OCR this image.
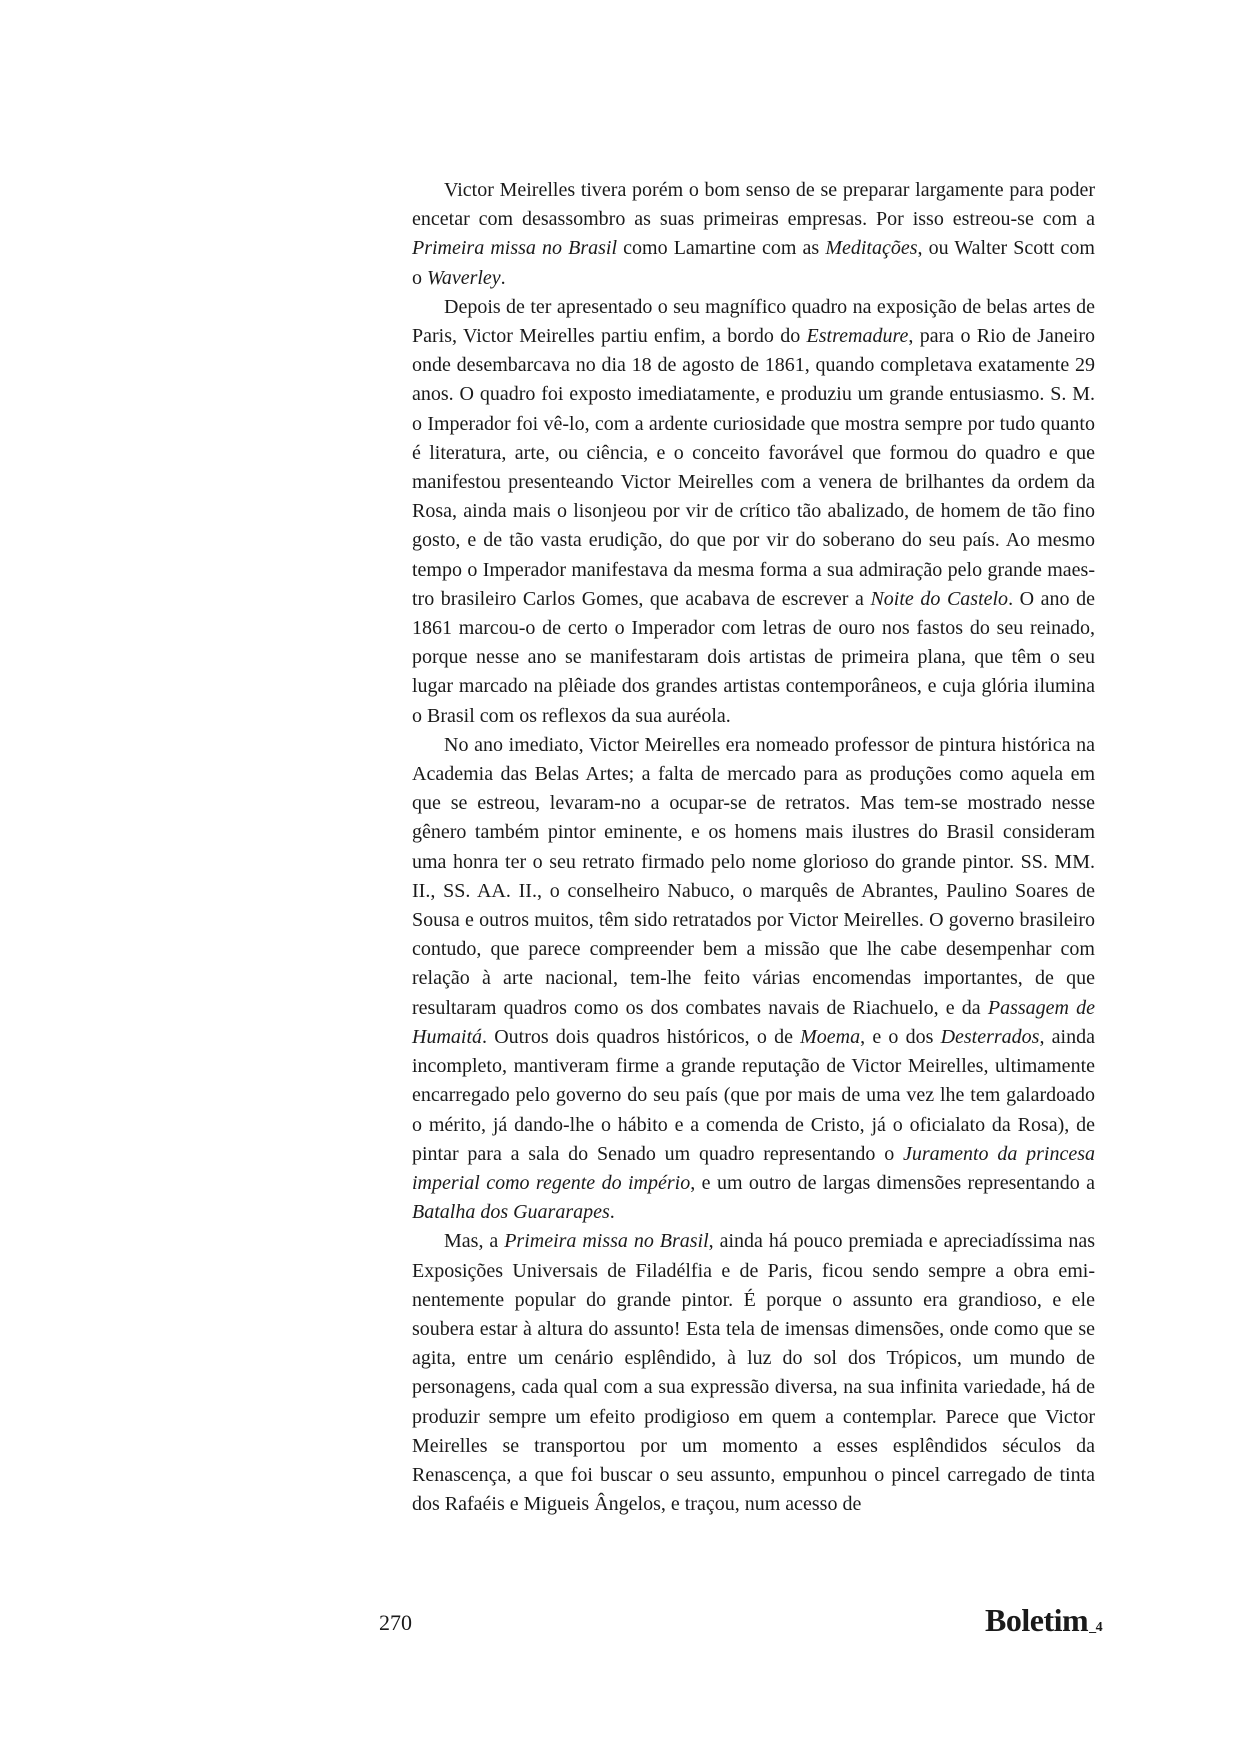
Victor Meirelles tivera porém o bom senso de se preparar largamente para poder encetar com desassombro as suas primeiras empresas. Por isso estreou-se com a Primeira missa no Brasil como Lamartine com as Meditações, ou Walter Scott com o Waverley.

Depois de ter apresentado o seu magnífico quadro na exposição de belas artes de Paris, Victor Meirelles partiu enfim, a bordo do Estremadure, para o Rio de Janeiro onde desembarcava no dia 18 de agosto de 1861, quando completava exatamente 29 anos. O quadro foi exposto imediatamente, e produziu um grande entusiasmo. S. M. o Imperador foi vê-lo, com a ardente curiosidade que mostra sempre por tudo quanto é literatura, arte, ou ciência, e o conceito favorável que formou do quadro e que manifestou presenteando Victor Meirelles com a venera de brilhantes da ordem da Rosa, ainda mais o lisonjeou por vir de crítico tão abalizado, de homem de tão fino gosto, e de tão vasta erudição, do que por vir do soberano do seu país. Ao mesmo tempo o Imperador manifestava da mesma forma a sua admiração pelo grande maestro brasileiro Carlos Gomes, que acabava de escrever a Noite do Castelo. O ano de 1861 marcou-o de certo o Imperador com letras de ouro nos fastos do seu reinado, porque nesse ano se manifestaram dois artistas de primeira plana, que têm o seu lugar marcado na plêiade dos grandes artistas contemporâneos, e cuja glória ilumina o Brasil com os reflexos da sua auréola.

No ano imediato, Victor Meirelles era nomeado professor de pintura histórica na Academia das Belas Artes; a falta de mercado para as produções como aquela em que se estreou, levaram-no a ocupar-se de retratos. Mas tem-se mostrado nesse gênero também pintor eminente, e os homens mais ilustres do Brasil consideram uma honra ter o seu retrato firmado pelo nome glorioso do grande pintor. SS. MM. II., SS. AA. II., o conselheiro Nabuco, o marquês de Abrantes, Paulino Soares de Sousa e outros muitos, têm sido retratados por Victor Meirelles. O governo brasileiro contudo, que parece compreender bem a missão que lhe cabe desempenhar com relação à arte nacional, tem-lhe feito várias encomendas importantes, de que resultaram quadros como os dos combates navais de Riachuelo, e da Passagem de Humaitá. Outros dois quadros históricos, o de Moema, e o dos Desterrados, ainda incompleto, mantiveram firme a grande reputação de Victor Meirelles, ultimamente encarregado pelo governo do seu país (que por mais de uma vez lhe tem galardoado o mérito, já dando-lhe o hábito e a comenda de Cristo, já o oficialato da Rosa), de pintar para a sala do Senado um quadro representando o Juramento da princesa imperial como regente do império, e um outro de largas dimensões representando a Batalha dos Guararapes.

Mas, a Primeira missa no Brasil, ainda há pouco premiada e apreciadíssima nas Exposições Universais de Filadélfia e de Paris, ficou sendo sempre a obra eminentemente popular do grande pintor. É porque o assunto era grandioso, e ele soubera estar à altura do assunto! Esta tela de imensas dimensões, onde como que se agita, entre um cenário esplêndido, à luz do sol dos Trópicos, um mundo de personagens, cada qual com a sua expressão diversa, na sua infinita variedade, há de produzir sempre um efeito prodigioso em quem a contemplar. Parece que Victor Meirelles se transportou por um momento a esses esplêndidos séculos da Renascença, a que foi buscar o seu assunto, empunhou o pincel carregado de tinta dos Rafaéis e Migueis Ângelos, e traçou, num acesso de

270	Boletim_4
